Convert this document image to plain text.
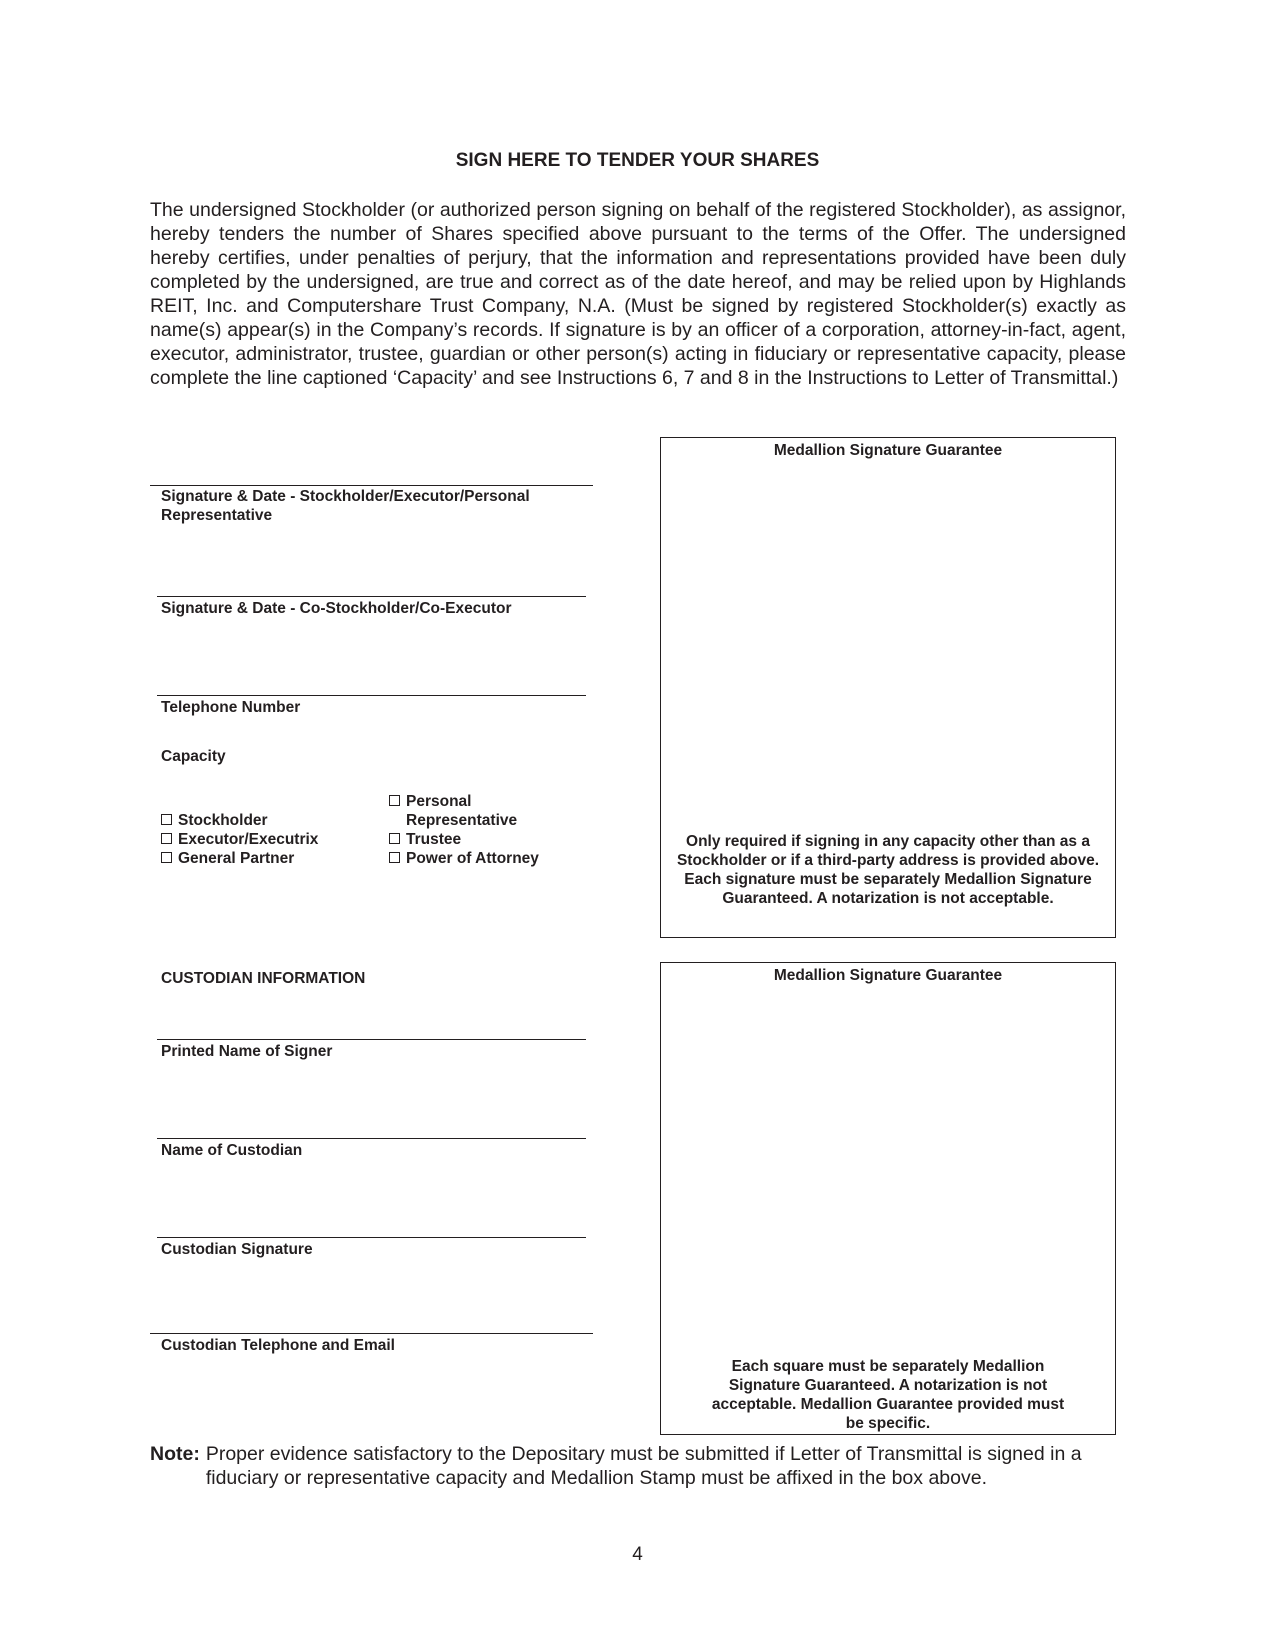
SIGN HERE TO TENDER YOUR SHARES
The undersigned Stockholder (or authorized person signing on behalf of the registered Stockholder), as assignor, hereby tenders the number of Shares specified above pursuant to the terms of the Offer. The undersigned hereby certifies, under penalties of perjury, that the information and representations provided have been duly completed by the undersigned, are true and correct as of the date hereof, and may be relied upon by Highlands REIT, Inc. and Computershare Trust Company, N.A. (Must be signed by registered Stockholder(s) exactly as name(s) appear(s) in the Company’s records. If signature is by an officer of a corporation, attorney-in-fact, agent, executor, administrator, trustee, guardian or other person(s) acting in fiduciary or representative capacity, please complete the line captioned ‘Capacity’ and see Instructions 6, 7 and 8 in the Instructions to Letter of Transmittal.)
Signature & Date - Stockholder/Executor/Personal Representative
Signature & Date - Co-Stockholder/Co-Executor
Telephone Number
Capacity
Stockholder
Executor/Executrix
General Partner
Personal Representative
Trustee
Power of Attorney
CUSTODIAN INFORMATION
Printed Name of Signer
Name of Custodian
Custodian Signature
Custodian Telephone and Email
Medallion Signature Guarantee
Only required if signing in any capacity other than as a Stockholder or if a third-party address is provided above. Each signature must be separately Medallion Signature Guaranteed. A notarization is not acceptable.
Medallion Signature Guarantee
Each square must be separately Medallion Signature Guaranteed. A notarization is not acceptable. Medallion Guarantee provided must be specific.
Note: Proper evidence satisfactory to the Depositary must be submitted if Letter of Transmittal is signed in a fiduciary or representative capacity and Medallion Stamp must be affixed in the box above.
4
